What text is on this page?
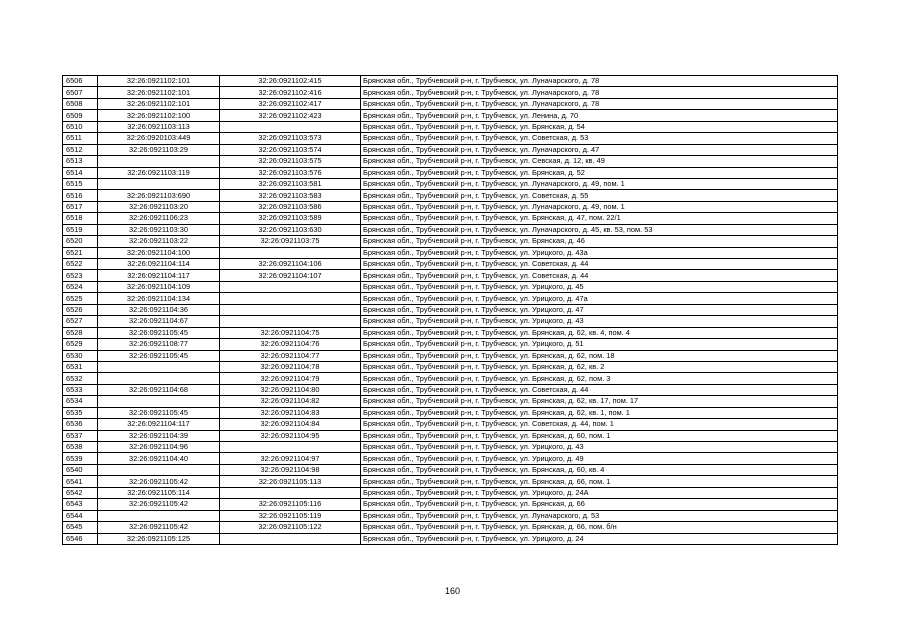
6506	32:26:0921102:101	32:26:0921102:415	Брянская обл., Трубчевский р-н, г. Трубчевск, ул. Луначарского, д. 78
6507	32:26:0921102:101	32:26:0921102:416	Брянская обл., Трубчевский р-н, г. Трубчевск, ул. Луначарского, д. 78
6508	32:26:0921102:101	32:26:0921102:417	Брянская обл., Трубчевский р-н, г. Трубчевск, ул. Луначарского, д. 78
6509	32:26:0921102:100	32:26:0921102:423	Брянская обл., Трубчевский р-н, г. Трубчевск, ул. Ленина, д. 70
6510	32:26:0921103:113		Брянская обл., Трубчевский р-н, г. Трубчевск, ул. Брянская, д. 54
6511	32:26:0920103:449	32:26:0921103:573	Брянская обл., Трубчевский р-н, г. Трубчевск, ул. Советская, д. 53
6512	32:26:0921103:29	32:26:0921103:574	Брянская обл., Трубчевский р-н, г. Трубчевск, ул. Луначарского, д. 47
6513		32:26:0921103:575	Брянская обл., Трубчевский р-н, г. Трубчевск, ул. Севская, д. 12, кв. 49
6514	32:26:0921103:119	32:26:0921103:576	Брянская обл., Трубчевский р-н, г. Трубчевск, ул. Брянская, д. 52
6515		32:26:0921103:581	Брянская обл., Трубчевский р-н, г. Трубчевск, ул. Луначарского, д. 49, пом. 1
6516	32:26:0921103:690	32:26:0921103:583	Брянская обл., Трубчевский р-н, г. Трубчевск, ул. Советская, д. 55
6517	32:26:0921103:20	32:26:0921103:586	Брянская обл., Трубчевский р-н, г. Трубчевск, ул. Луначарского, д. 49, пом. 1
6518	32:26:0921106:23	32:26:0921103:589	Брянская обл., Трубчевский р-н, г. Трубчевск, ул. Брянская, д. 47, пом. 22/1
6519	32:26:0921103:30	32:26:0921103:630	Брянская обл., Трубчевский р-н, г. Трубчевск, ул. Луначарского, д. 45, кв. 53, пом. 53
6520	32:26:0921103:22	32:26:0921103:75	Брянская обл., Трубчевский р-н, г. Трубчевск, ул. Брянская, д. 46
6521	32:26:0921104:100		Брянская обл., Трубчевский р-н, г. Трубчевск, ул. Урицкого, д. 43а
6522	32:26:0921104:114	32:26:0921104:106	Брянская обл., Трубчевский р-н, г. Трубчевск, ул. Советская, д. 44
6523	32:26:0921104:117	32:26:0921104:107	Брянская обл., Трубчевский р-н, г. Трубчевск, ул. Советская, д. 44
6524	32:26:0921104:109		Брянская обл., Трубчевский р-н, г. Трубчевск, ул. Урицкого, д. 45
6525	32:26:0921104:134		Брянская обл., Трубчевский р-н, г. Трубчевск, ул. Урицкого, д. 47а
6526	32:26:0921104:36		Брянская обл., Трубчевский р-н, г. Трубчевск, ул. Урицкого, д. 47
6527	32:26:0921104:67		Брянская обл., Трубчевский р-н, г. Трубчевск, ул. Урицкого, д. 43
6528	32:26:0921105:45	32:26:0921104:75	Брянская обл., Трубчевский р-н, г. Трубчевск, ул. Брянская, д. 62, кв. 4, пом. 4
6529	32:26:0921108:77	32:26:0921104:76	Брянская обл., Трубчевский р-н, г. Трубчевск, ул. Урицкого, д. 51
6530	32:26:0921105:45	32:26:0921104:77	Брянская обл., Трубчевский р-н, г. Трубчевск, ул. Брянская, д. 62, пом. 18
6531		32:26:0921104:78	Брянская обл., Трубчевский р-н, г. Трубчевск, ул. Брянская, д. 62, кв. 2
6532		32:26:0921104:79	Брянская обл., Трубчевский р-н, г. Трубчевск, ул. Брянская, д. 62, пом. 3
6533	32:26:0921104:68	32:26:0921104:80	Брянская обл., Трубчевский р-н, г. Трубчевск, ул. Советская, д. 44
6534		32:26:0921104:82	Брянская обл., Трубчевский р-н, г. Трубчевск, ул. Брянская, д. 62, кв. 17, пом. 17
6535	32:26:0921105:45	32:26:0921104:83	Брянская обл., Трубчевский р-н, г. Трубчевск, ул. Брянская, д. 62, кв. 1, пом. 1
6536	32:26:0921104:117	32:26:0921104:84	Брянская обл., Трубчевский р-н, г. Трубчевск, ул. Советская, д. 44, пом. 1
6537	32:26:0921104:39	32:26:0921104:95	Брянская обл., Трубчевский р-н, г. Трубчевск, ул. Брянская, д. 60, пом. 1
6538	32:26:0921104:96		Брянская обл., Трубчевский р-н, г. Трубчевск, ул. Урицкого, д. 43
6539	32:26:0921104:40	32:26:0921104:97	Брянская обл., Трубчевский р-н, г. Трубчевск, ул. Урицкого, д. 49
6540		32:26:0921104:98	Брянская обл., Трубчевский р-н, г. Трубчевск, ул. Брянская, д. 60, кв. 4
6541	32:26:0921105:42	32:26:0921105:113	Брянская обл., Трубчевский р-н, г. Трубчевск, ул. Брянская, д. 66, пом. 1
6542	32:26:0921105:114		Брянская обл., Трубчевский р-н, г. Трубчевск, ул. Урицкого, д. 24А
6543	32:26:0921105:42	32:26:0921105:116	Брянская обл., Трубчевский р-н, г. Трубчевск, ул. Брянская, д. 66
6544		32:26:0921105:119	Брянская обл., Трубчевский р-н, г. Трубчевск, ул. Луначарского, д. 53
6545	32:26:0921105:42	32:26:0921105:122	Брянская обл., Трубчевский р-н, г. Трубчевск, ул. Брянская, д. 66, пом. б/н
6546	32:26:0921105:125		Брянская обл., Трубчевский р-н, г. Трубчевск, ул. Урицкого, д. 24
160
